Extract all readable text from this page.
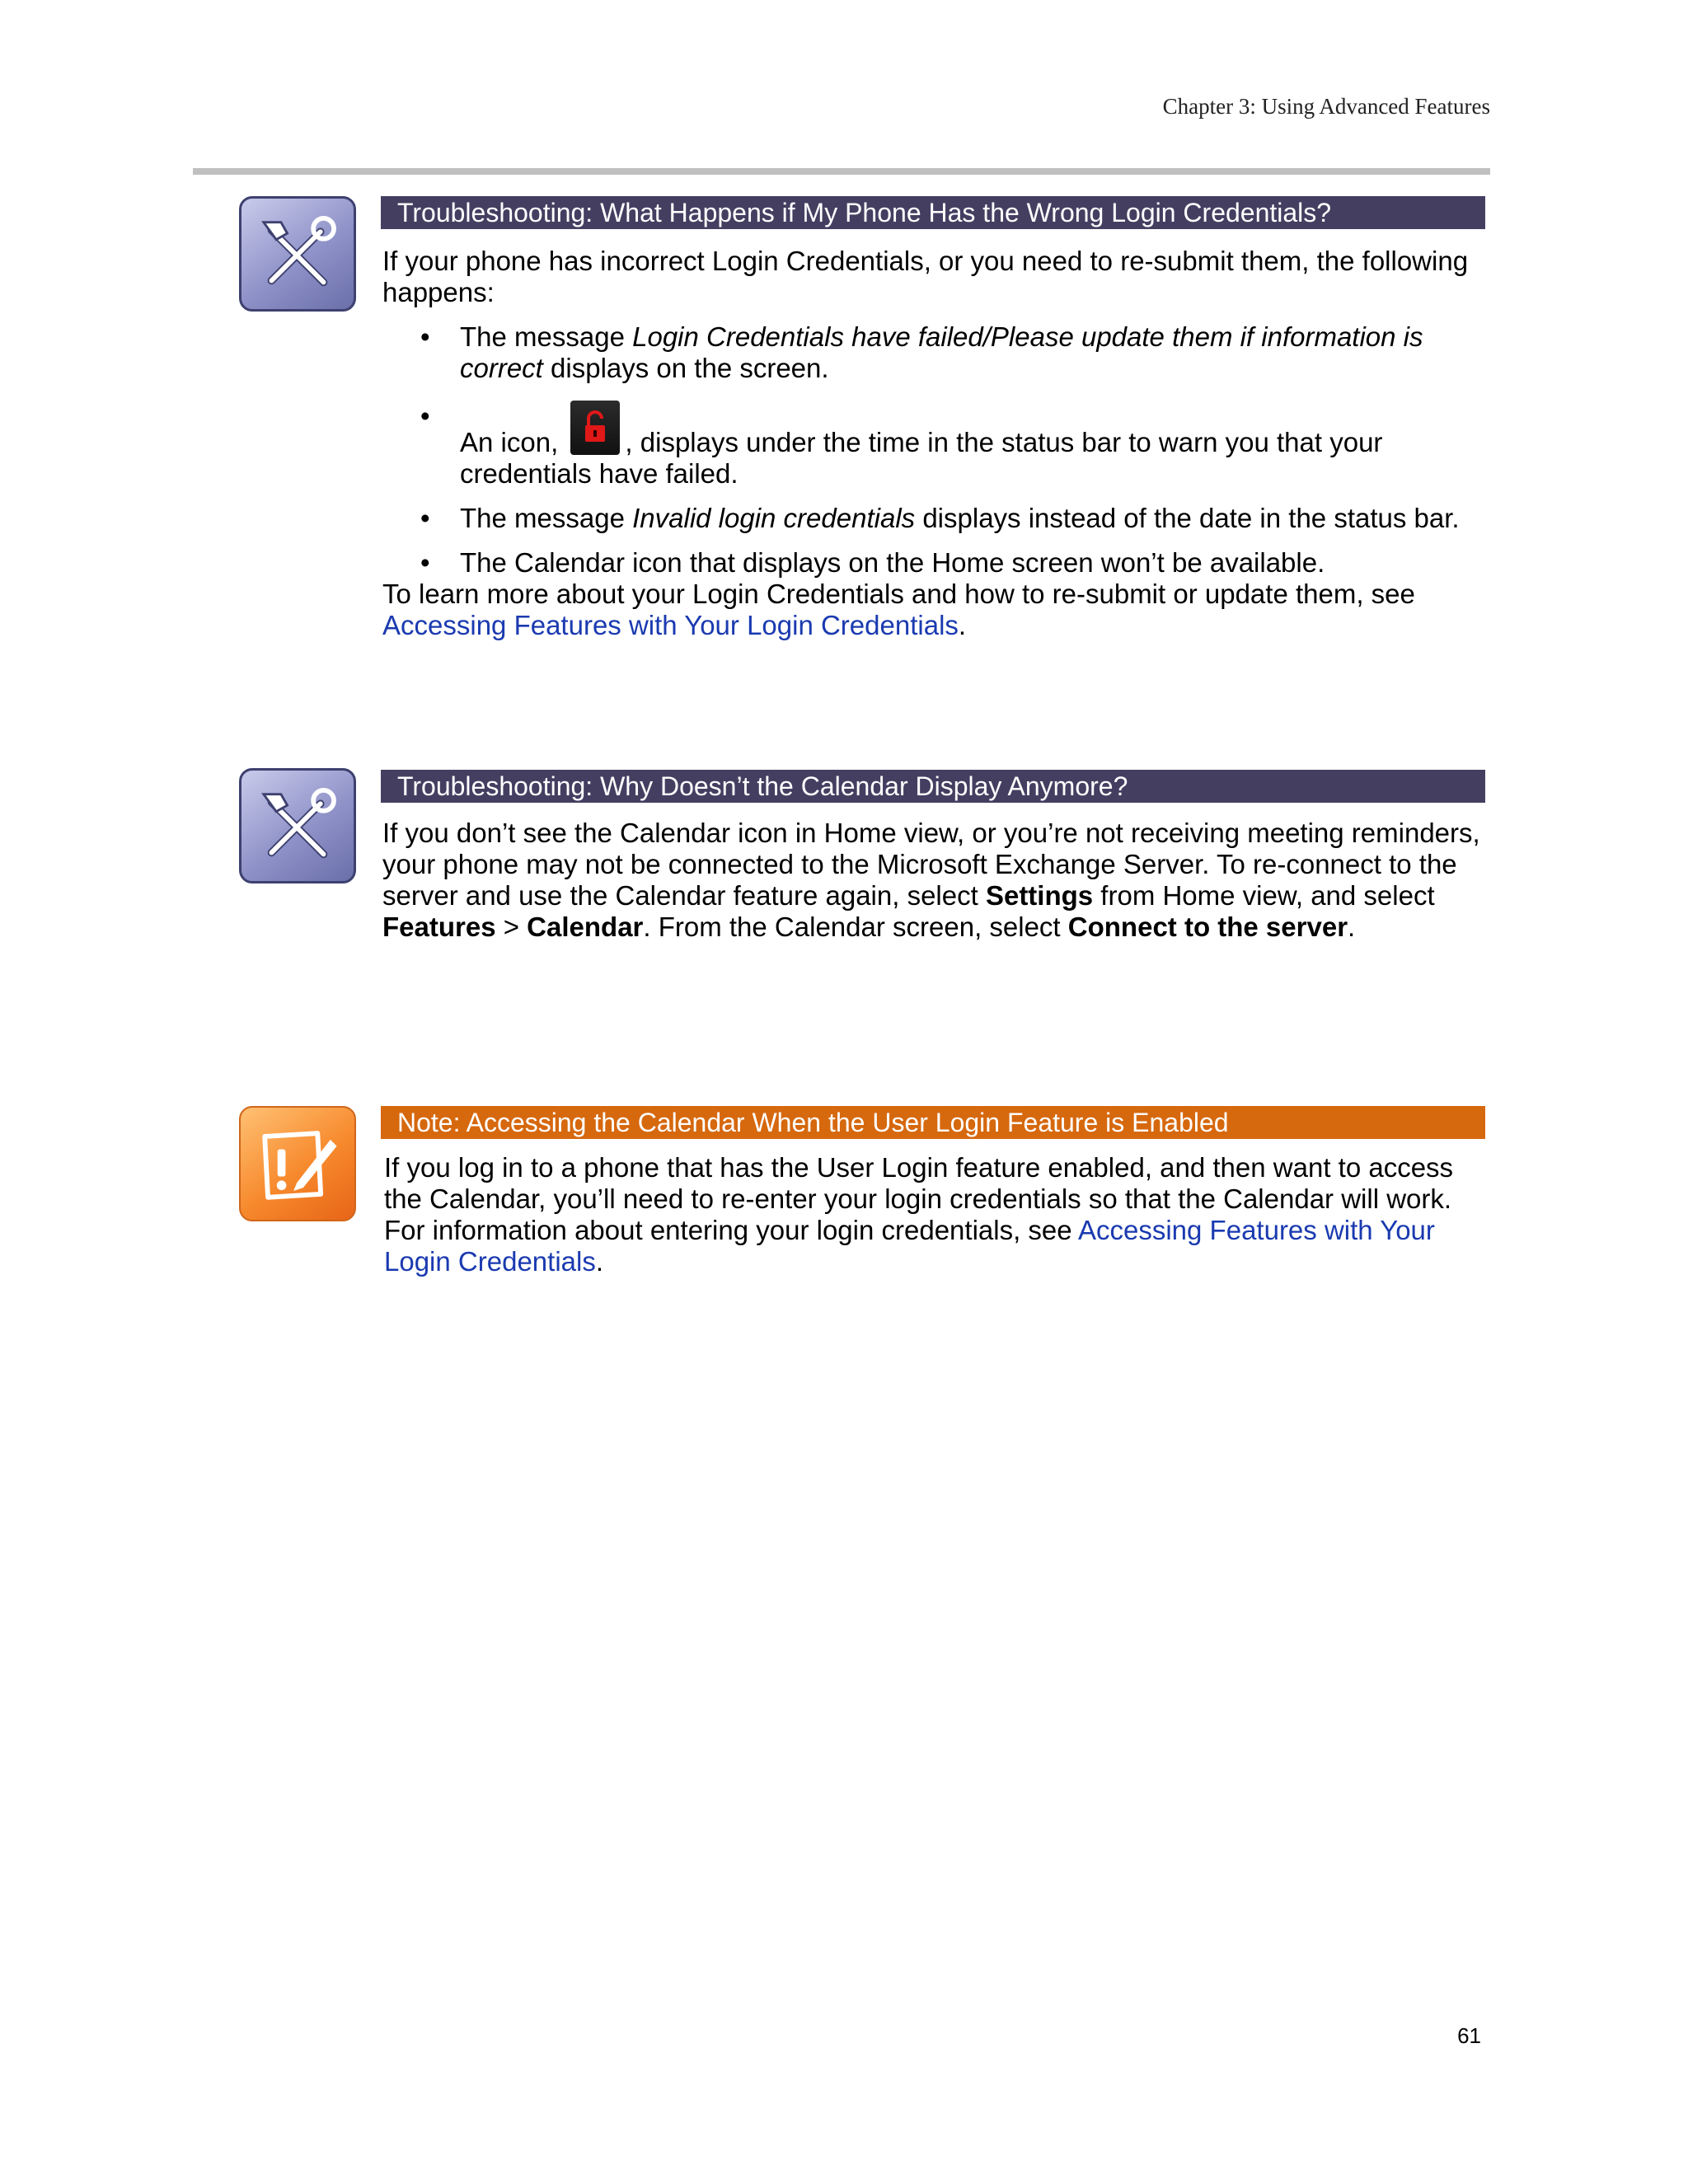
Chapter 3: Using Advanced Features
Troubleshooting: What Happens if My Phone Has the Wrong Login Credentials?
If your phone has incorrect Login Credentials, or you need to re-submit them, the following happens:
• The message Login Credentials have failed/Please update them if information is correct displays on the screen.
• An icon,
, displays under the time in the status bar to warn you that your credentials have failed.
• The message Invalid login credentials displays instead of the date in the status bar.
• The Calendar icon that displays on the Home screen won’t be available.
To learn more about your Login Credentials and how to re-submit or update them, see Accessing Features with Your Login Credentials.
Troubleshooting: Why Doesn’t the Calendar Display Anymore?
If you don’t see the Calendar icon in Home view, or you’re not receiving meeting reminders, your phone may not be connected to the Microsoft Exchange Server. To re-connect to the server and use the Calendar feature again, select Settings from Home view, and select Features > Calendar. From the Calendar screen, select Connect to the server.
Note: Accessing the Calendar When the User Login Feature is Enabled
If you log in to a phone that has the User Login feature enabled, and then want to access the Calendar, you’ll need to re-enter your login credentials so that the Calendar will work. For information about entering your login credentials, see Accessing Features with Your Login Credentials.
61
